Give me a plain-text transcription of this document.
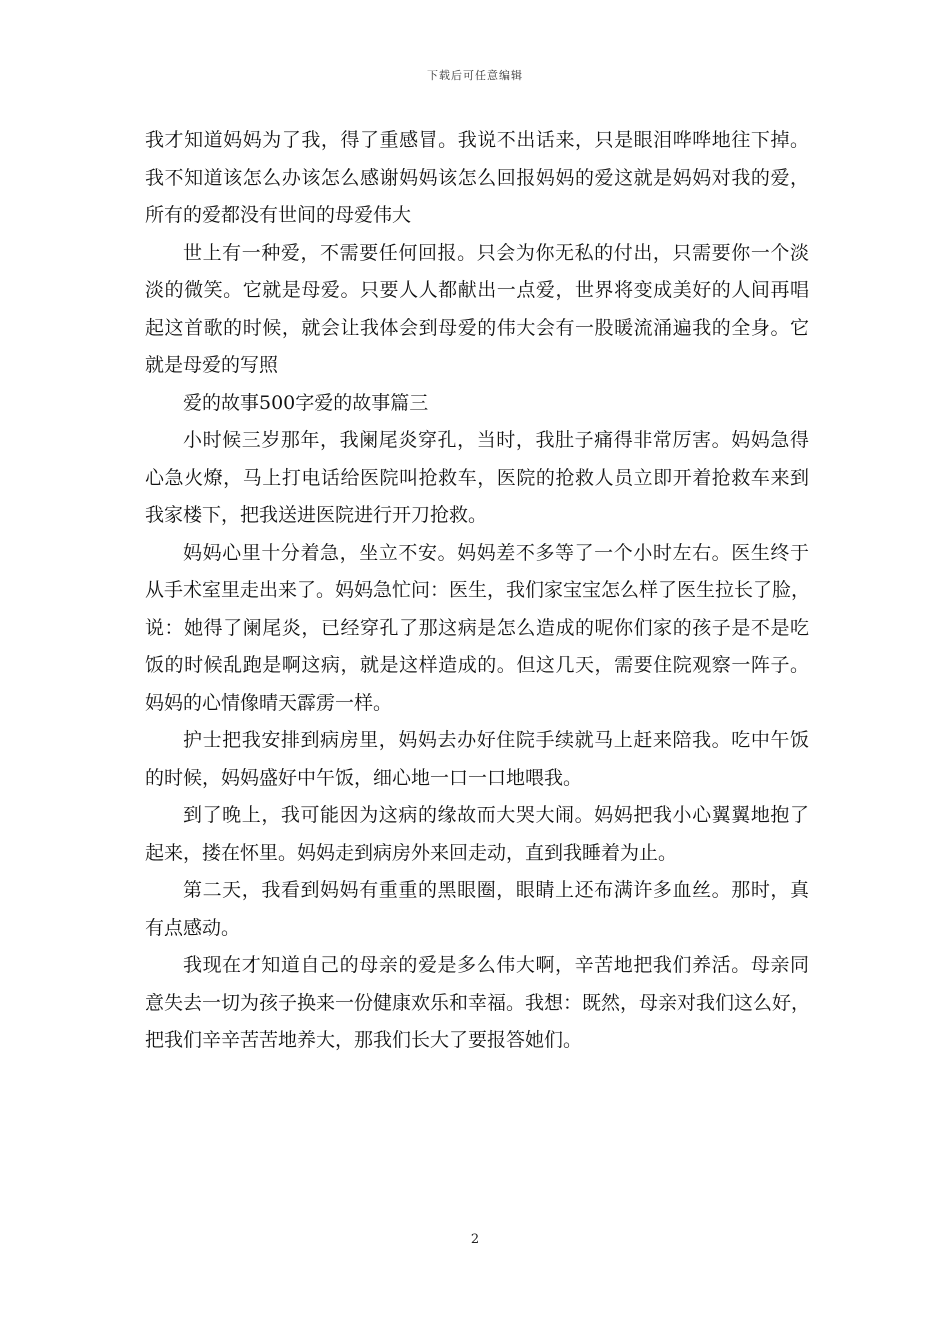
下载后可任意编辑
我才知道妈妈为了我，得了重感冒。我说不出话来，只是眼泪哗哗地往下掉。
我不知道该怎么办该怎么感谢妈妈该怎么回报妈妈的爱这就是妈妈对我的爱，
所有的爱都没有世间的母爱伟大
世上有一种爱，不需要任何回报。只会为你无私的付出，只需要你一个淡
淡的微笑。它就是母爱。只要人人都献出一点爱，世界将变成美好的人间再唱
起这首歌的时候，就会让我体会到母爱的伟大会有一股暖流涌遍我的全身。它
就是母爱的写照
爱的故事500字爱的故事篇三
小时候三岁那年，我阑尾炎穿孔，当时，我肚子痛得非常厉害。妈妈急得
心急火燎，马上打电话给医院叫抢救车，医院的抢救人员立即开着抢救车来到
我家楼下，把我送进医院进行开刀抢救。
妈妈心里十分着急，坐立不安。妈妈差不多等了一个小时左右。医生终于
从手术室里走出来了。妈妈急忙问：医生，我们家宝宝怎么样了医生拉长了脸，
说：她得了阑尾炎，已经穿孔了那这病是怎么造成的呢你们家的孩子是不是吃
饭的时候乱跑是啊这病，就是这样造成的。但这几天，需要住院观察一阵子。
妈妈的心情像晴天霹雳一样。
护士把我安排到病房里，妈妈去办好住院手续就马上赶来陪我。吃中午饭
的时候，妈妈盛好中午饭，细心地一口一口地喂我。
到了晚上，我可能因为这病的缘故而大哭大闹。妈妈把我小心翼翼地抱了
起来，搂在怀里。妈妈走到病房外来回走动，直到我睡着为止。
第二天，我看到妈妈有重重的黑眼圈，眼睛上还布满许多血丝。那时，真
有点感动。
我现在才知道自己的母亲的爱是多么伟大啊，辛苦地把我们养活。母亲同
意失去一切为孩子换来一份健康欢乐和幸福。我想：既然，母亲对我们这么好，
把我们辛辛苦苦地养大，那我们长大了要报答她们。
2
